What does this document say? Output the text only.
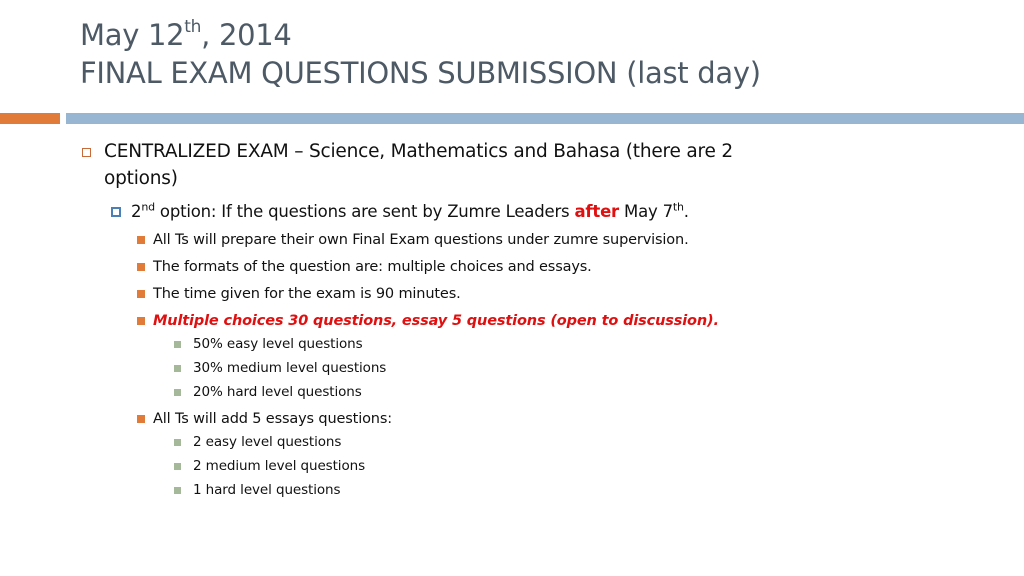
May 12th, 2014
FINAL EXAM QUESTIONS SUBMISSION (last day)
CENTRALIZED EXAM – Science, Mathematics and Bahasa (there are 2
options)
2nd option: If the questions are sent by Zumre Leaders after May 7th.
All Ts will prepare their own Final Exam questions under zumre supervision.
The formats of the question are: multiple choices and essays.
The time given for the exam is 90 minutes.
Multiple choices 30 questions, essay 5 questions (open to discussion).
50% easy level questions
30% medium level questions
20% hard level questions
All Ts will add 5 essays questions:
2 easy level questions
2 medium level questions
1 hard level questions
